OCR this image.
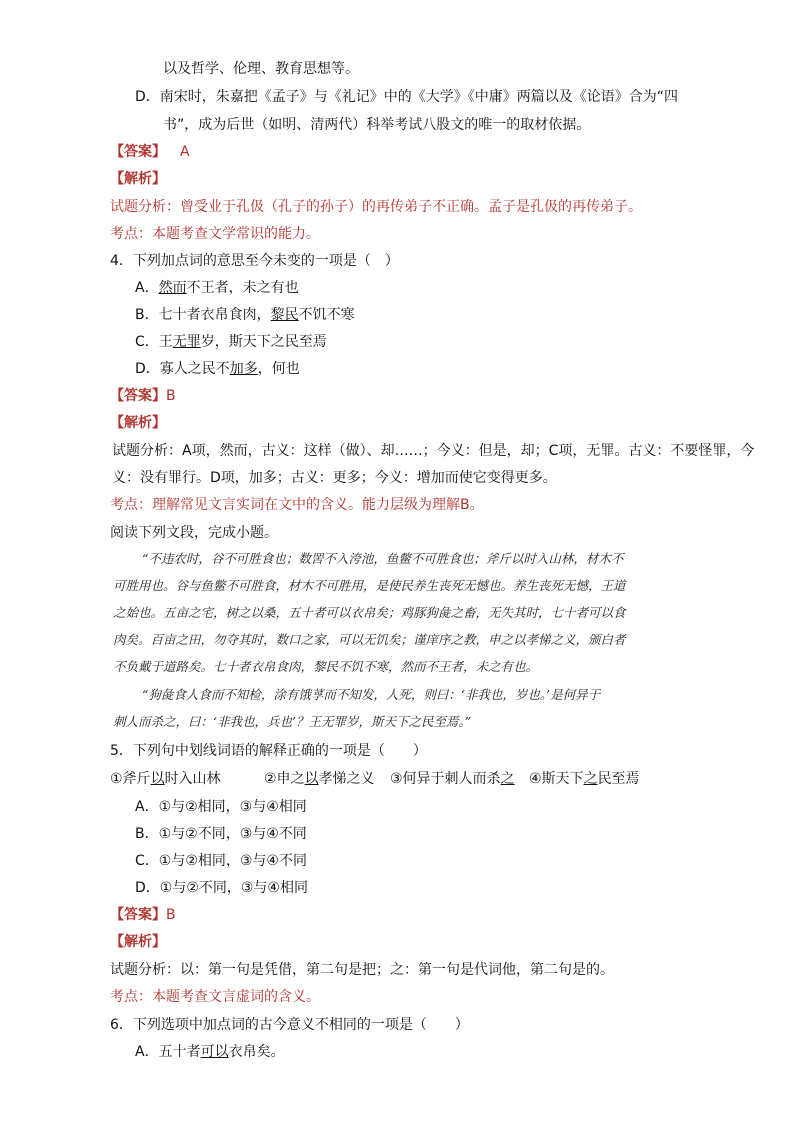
以及哲学、伦理、教育思想等。
D．南宋时，朱嘉把《孟子》与《礼记》中的《大学》《中庸》两篇以及《论语》合为“四
书”，成为后世（如明、清两代）科举考试八股文的唯一的取材依据。
【答案】 A
【解析】
试题分析：曾受业于孔伋（孔子的孙子）的再传弟子不正确。孟子是孔伋的再传弟子。
考点：本题考查文学常识的能力。
4．下列加点词的意思至今未变的一项是（　）
A．然而不王者，未之有也
B．七十者衣帛食肉，黎民不饥不寒
C．王无罪岁，斯天下之民至焉
D．寡人之民不加多，何也
【答案】B
【解析】
试题分析：A项，然而，古义：这样（做）、却……；今义：但是，却；C项，无罪。古义：不要怪罪，今
义：没有罪行。D项，加多；古义：更多；今义：增加而使它变得更多。
考点：理解常见文言实词在文中的含义。能力层级为理解B。
阅读下列文段，完成小题。
“不违农时，谷不可胜食也；数罟不入洿池，鱼鳖不可胜食也；斧斤以时入山林，材木不
可胜用也。谷与鱼鳖不可胜食，材木不可胜用，是使民养生丧死无憾也。养生丧死无憾，王道
之始也。五亩之宅，树之以桑，五十者可以衣帛矣；鸡豚狗彘之畜，无失其时，七十者可以食
肉矣。百亩之田，勿夺其时，数口之家，可以无饥矣；谨庠序之教，申之以孝悌之义，颁白者
不负戴于道路矣。七十者衣帛食肉，黎民不饥不寒，然而不王者，未之有也。
“狗彘食人食而不知检，涂有饿莩而不知发，人死，则曰：‘非我也，岁也。’是何异于
刺人而杀之，曰：‘非我也，兵也’？王无罪岁，斯天下之民至焉。”
5．下列句中划线词语的解释正确的一项是（　　）
①斧斤以时入山林	②申之以孝悌之义 ③何异于刺人而杀之 ④斯天下之民至焉
A．①与②相同，③与④相同
B．①与②不同，③与④不同
C．①与②相同，③与④不同
D．①与②不同，③与④相同
【答案】B
【解析】
试题分析：以：第一句是凭借，第二句是把；之：第一句是代词他，第二句是的。
考点：本题考查文言虚词的含义。
6．下列选项中加点词的古今意义不相同的一项是（　　）
A．五十者可以衣帛矣。
